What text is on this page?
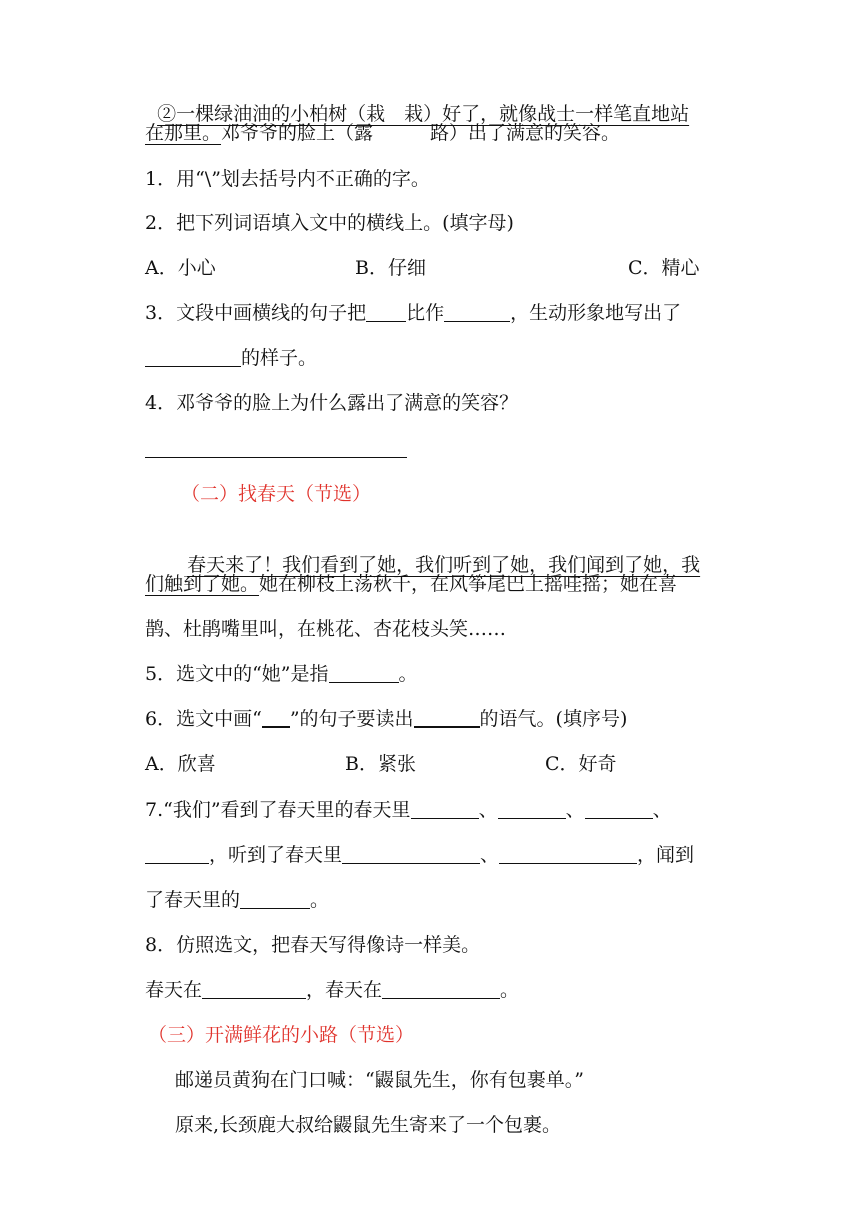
②一棵绿油油的小柏树（栽　栽）好了，就像战士一样笔直地站

在那里。邓爷爷的脸上（露　　　路）出了满意的笑容。
1．用“\”划去括号内不正确的字。
2．把下列词语填入文中的横线上。(填字母)
A．小心	B．仔细	C．精心
3．文段中画横线的句子把 比作	，生动形象地写出了
的样子。
4．邓爷爷的脸上为什么露出了满意的笑容？
（二）找春天（节选）

春天来了！我们看到了她，我们听到了她，我们闻到了她，我

们触到了她。她在柳枝上荡秋千，在风筝尾巴上摇哇摇；她在喜
鹊、杜鹃嘴里叫，在桃花、杏花枝头笑……
5．选文中的“她”是指	。
6．选文中画“ ”的句子要读出	的语气。(填序号)
A．欣喜	B．紧张	C．好奇
7.“我们”看到了春天里的春天里	、	、	、
，听到了春天里	、	，闻到
了春天里的	。
8．仿照选文，把春天写得像诗一样美。
春天在	，春天在	。
（三）开满鲜花的小路（节选）
邮递员黄狗在门口喊：“鼹鼠先生，你有包裹单。”
原来,长颈鹿大叔给鼹鼠先生寄来了一个包裹。
